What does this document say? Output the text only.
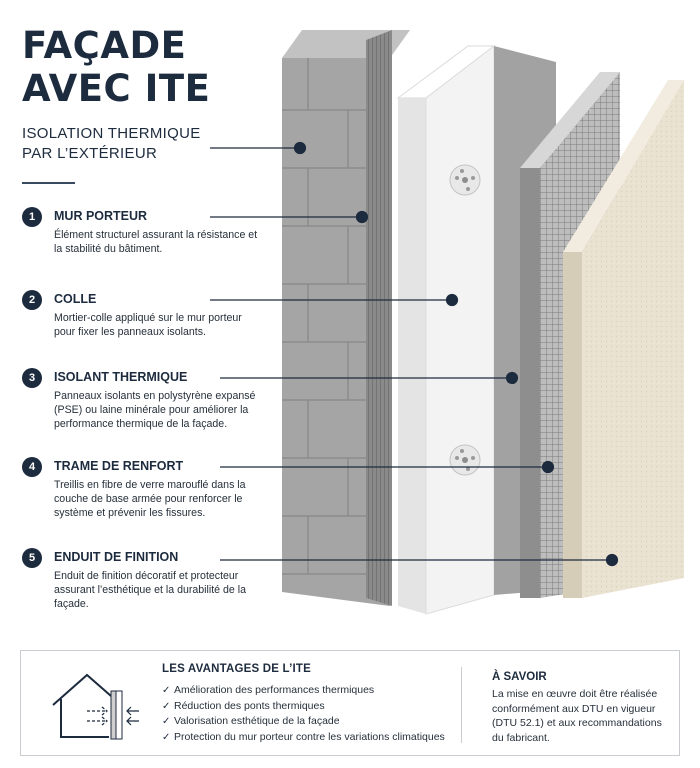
FAÇADE
AVEC ITE
ISOLATION THERMIQUE
PAR L’EXTÉRIEUR
1	MUR PORTEUR
Élément structurel assurant la résistance et la stabilité du bâtiment.
2	COLLE
Mortier-colle appliqué sur le mur porteur pour fixer les panneaux isolants.
3	ISOLANT THERMIQUE
Panneaux isolants en polystyrène expansé (PSE) ou laine minérale pour améliorer la performance thermique de la façade.
4	TRAME DE RENFORT
Treillis en fibre de verre marouflé dans la couche de base armée pour renforcer le système et prévenir les fissures.
5	ENDUIT DE FINITION
Enduit de finition décoratif et protecteur assurant l’esthétique et la durabilité de la façade.
LES AVANTAGES DE L’ITE
✓ Amélioration des performances thermiques
✓ Réduction des ponts thermiques
✓ Valorisation esthétique de la façade
✓ Protection du mur porteur contre les variations climatiques
À SAVOIR
La mise en œuvre doit être réalisée conformément aux DTU en vigueur (DTU 52.1) et aux recommandations du fabricant.
